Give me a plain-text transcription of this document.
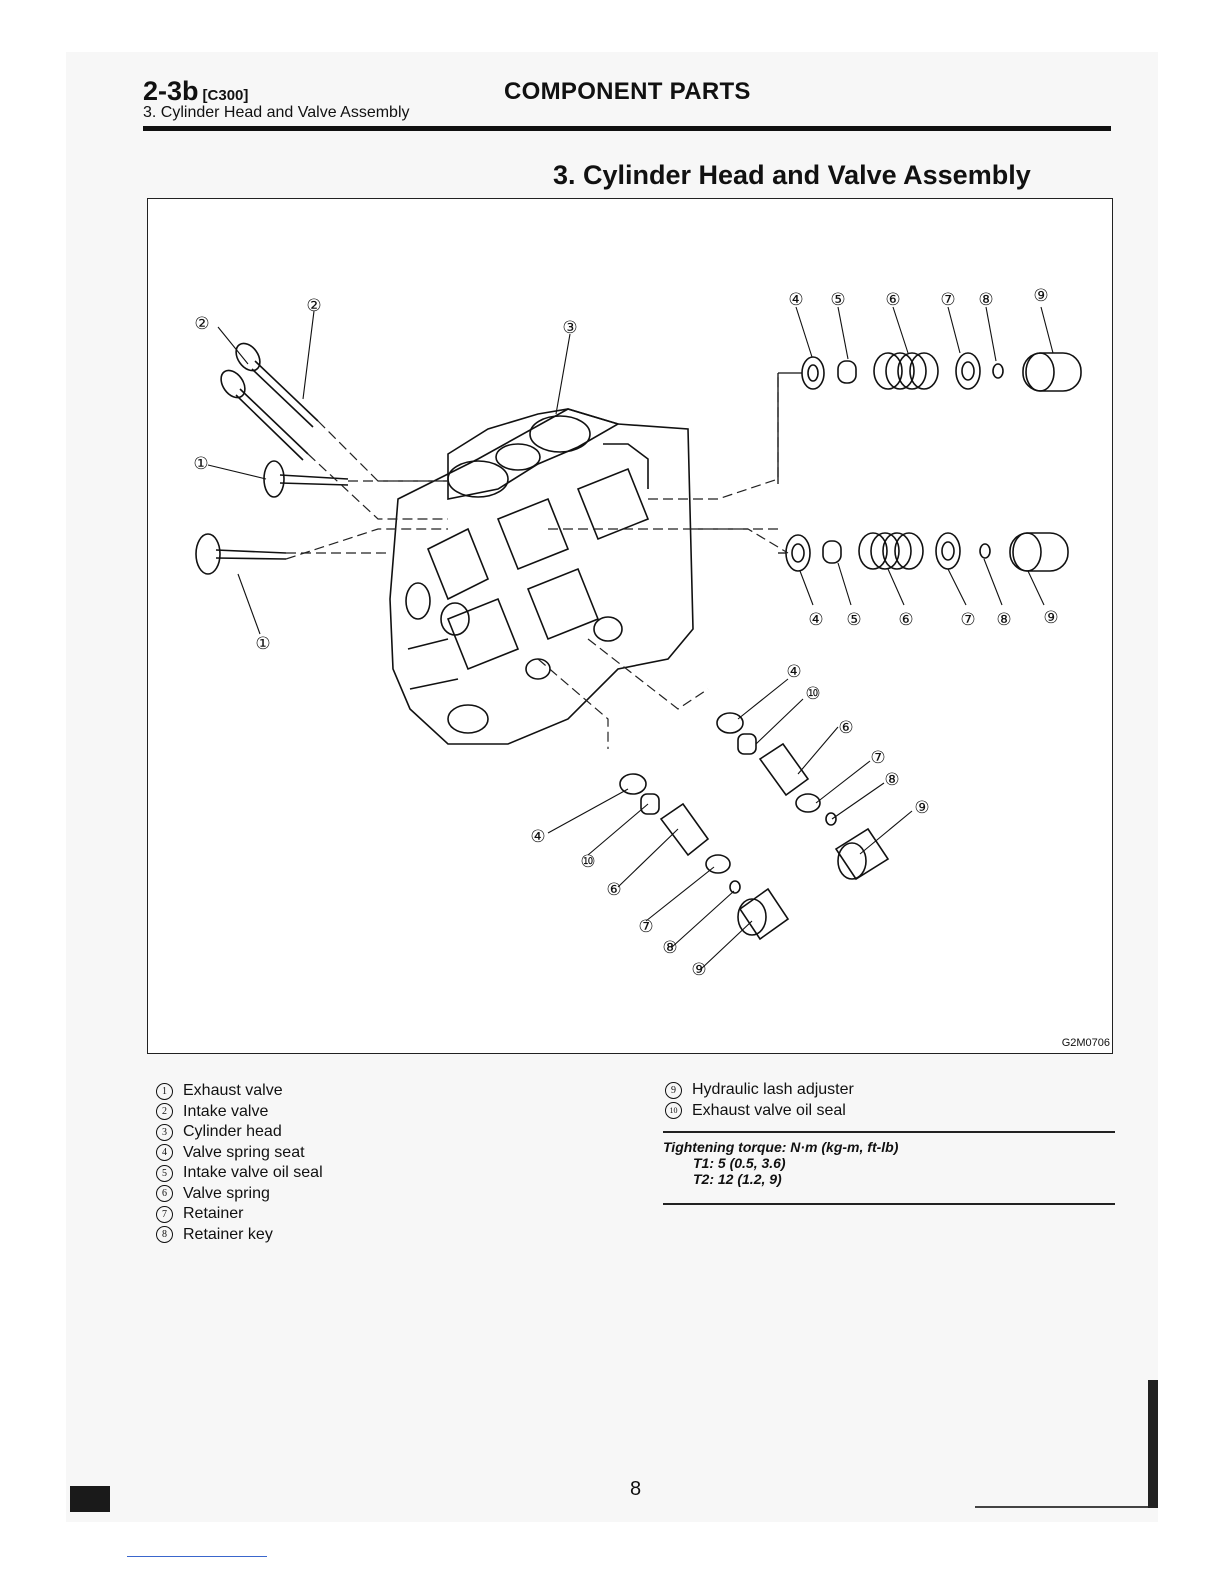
2-3b [C300]
3. Cylinder Head and Valve Assembly
COMPONENT PARTS
3. Cylinder Head and Valve Assembly
②
②
③
①
①
④ ⑤ ⑥ ⑦ ⑧ ⑨
④ ⑤ ⑥	⑦ ⑧ ⑨
④
⑩
⑥
⑦
⑧
⑨
④
⑩
⑥
⑦
⑧
⑨
G2M0706
1	Exhaust valve
2	Intake valve
3	Cylinder head
4	Valve spring seat
5	Intake valve oil seal
6	Valve spring
7	Retainer
8	Retainer key
9	Hydraulic lash adjuster
10 Exhaust valve oil seal
Tightening torque: N·m (kg-m, ft-lb)
T1: 5 (0.5, 3.6)
T2: 12 (1.2, 9)
8
